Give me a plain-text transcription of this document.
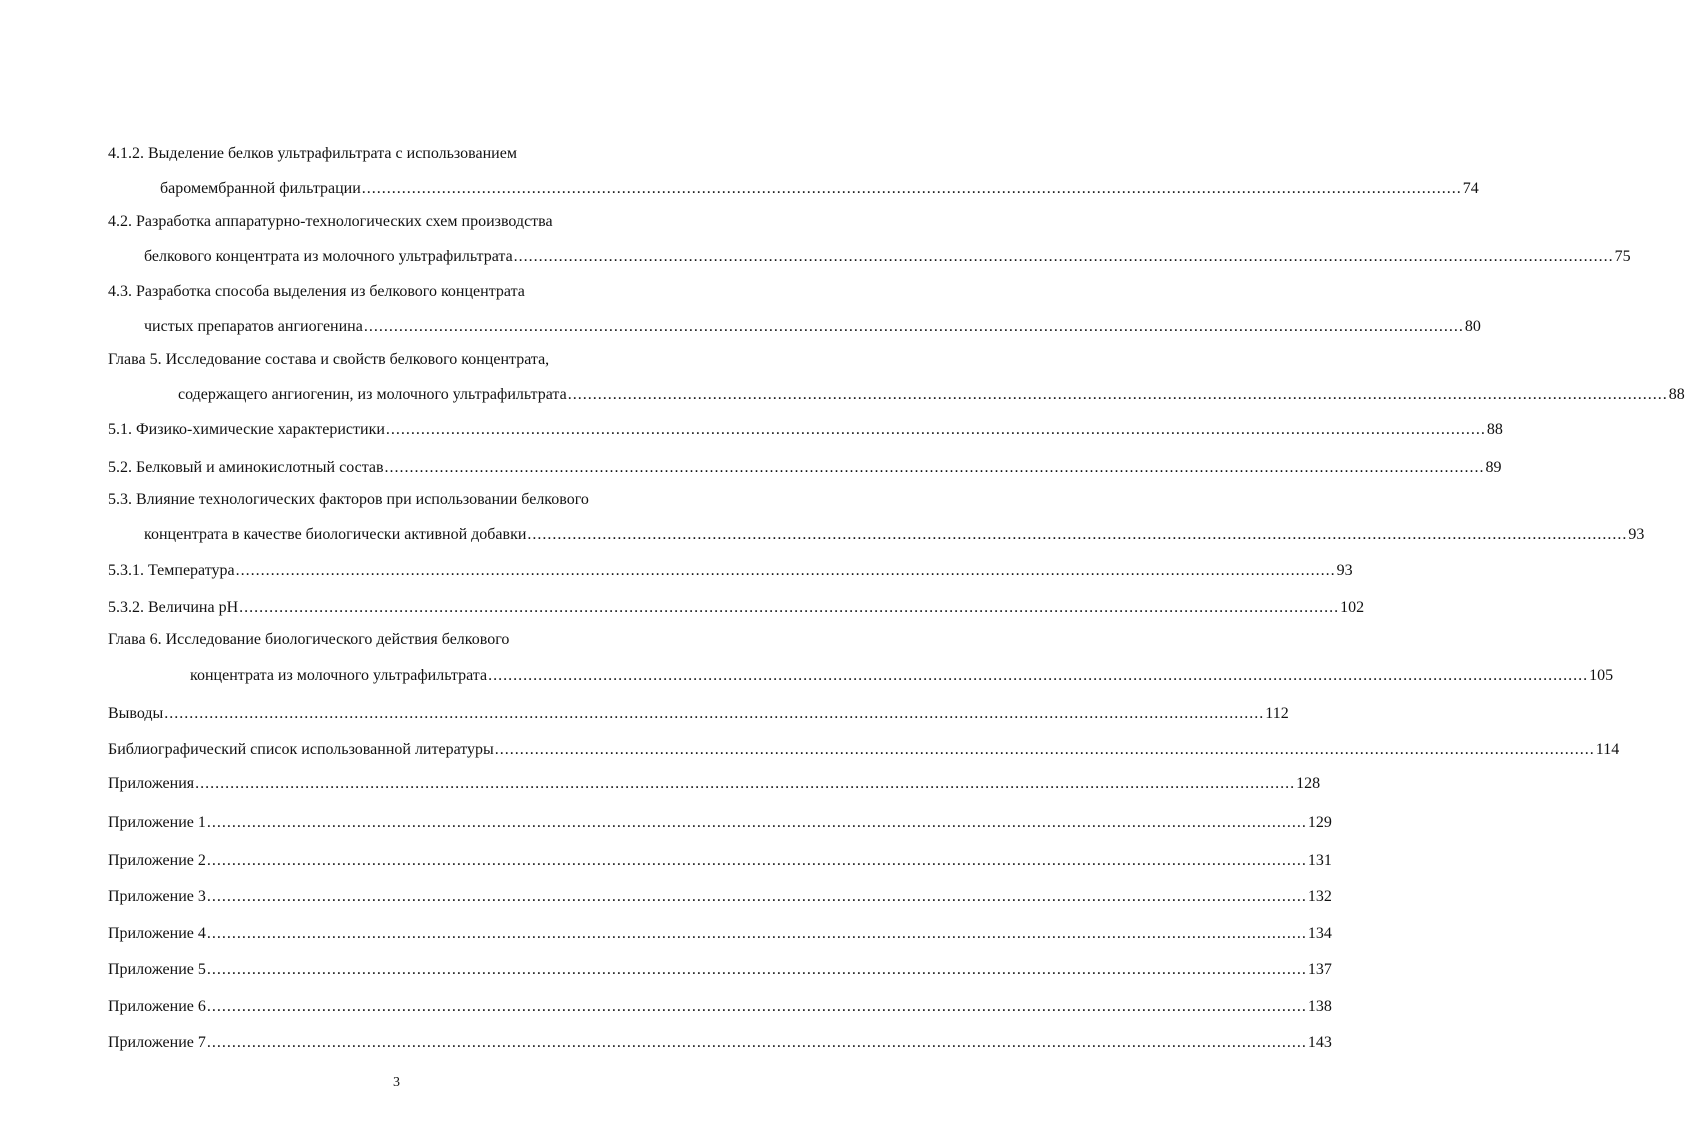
4.1.2. Выделение белков ультрафильтрата с использованием
баромембранной фильтрации ............................................................................................................................................................................................................................ 74
4.2. Разработка аппаратурно-технологических схем производства
белкового концентрата из молочного ультрафильтрата ............................................................................................................................................................................................................................ 75
4.3. Разработка способа выделения из белкового концентрата
чистых препаратов ангиогенина ............................................................................................................................................................................................................................ 80
Глава 5. Исследование состава и свойств белкового концентрата,
содержащего ангиогенин, из молочного ультрафильтрата ............................................................................................................................................................................................................................ 88
5.1. Физико-химические характеристики ............................................................................................................................................................................................................................ 88
5.2. Белковый и аминокислотный состав ............................................................................................................................................................................................................................ 89
5.3. Влияние технологических факторов при использовании белкового
концентрата в качестве биологически активной добавки ............................................................................................................................................................................................................................ 93
5.3.1. Температура ............................................................................................................................................................................................................................ 93
5.3.2. Величина pH ............................................................................................................................................................................................................................ 102
Глава 6. Исследование биологического действия белкового
концентрата из молочного ультрафильтрата ............................................................................................................................................................................................................................ 105
Выводы ............................................................................................................................................................................................................................ 112
Библиографический список использованной литературы ............................................................................................................................................................................................................................ 114
Приложения ............................................................................................................................................................................................................................ 128
Приложение 1 ............................................................................................................................................................................................................................ 129
Приложение 2 ............................................................................................................................................................................................................................ 131
Приложение 3 ............................................................................................................................................................................................................................ 132
Приложение 4 ............................................................................................................................................................................................................................ 134
Приложение 5 ............................................................................................................................................................................................................................ 137
Приложение 6 ............................................................................................................................................................................................................................ 138
Приложение 7 ............................................................................................................................................................................................................................ 143
3
